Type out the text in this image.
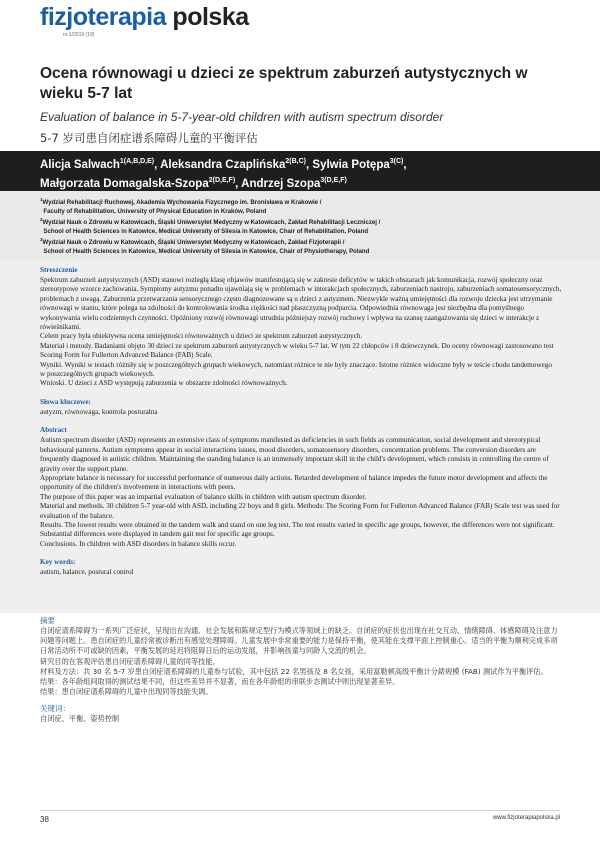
fizjoterapia polska
nr 1/2019 (19)
Ocena równowagi u dzieci ze spektrum zaburzeń autystycznych w wieku 5-7 lat
Evaluation of balance in 5-7-year-old children with autism spectrum disorder
5-7 岁司患自闭症谱系障碍儿童的平衡评估
Alicja Salwach$^{1(A,B,D,E)}$, Aleksandra Czaplińska$^{2(B,C)}$, Sylwia Potępa$^{3(C)}$,
Małgorzata Domagalska-Szopa$^{2(D,E,F)}$, Andrzej Szopa$^{3(D,E,F)}$

$^1$Wydział Rehabilitacji Ruchowej, Akademia Wychowania Fizycznego im. Bronisława w Krakowie /
Faculty of Rehabilitation, University of Physical Education in Kraków, Poland

$^2$Wydział Nauk o Zdrowiu w Katowicach, Śląski Uniwersytet Medyczny w Katowicach, Zakład Rehabilitacji Leczniczej /
School of Health Sciences in Katowice, Medical University of Silesia in Katowice, Chair of Rehabilitation, Poland

$^3$Wydział Nauk o Zdrowiu w Katowicach, Śląski Uniwersytet Medyczny w Katowicach, Zakład Fizjoterapii /
School of Health Sciences in Katowice, Medical University of Silesia in Katowice, Chair of Physiotherapy, Poland

Streszczenie

Spektrum zaburzeń autystycznych (ASD) stanowi rozległą klasę objawów manifestującą się w zakresie deficytów w takich obszarach jak komunikacja, rozwój społeczny oraz stereotypowe wzorce zachowania. Symptomy autyzmu ponadto ujawniają się w problemach w interakcjach społecznych, zaburzeniach nastroju, zaburzeniach somatosensorycznych, problemach z uwagą. Zaburzenia przetwarzania sensorycznego często diagnozowane są u dzieci z autyzmem. Niezwykle ważną umiejętności dla rozwoju dziecka jest utrzymanie równowagi w staniu, które polega na zdolności do kontrolowania środka ciężkości nad płaszczyzną podparcia. Odpowiednia równowaga jest niezbędna dla pomyślnego wykonywania wielu codziennych czynności. Opóźniony rozwój równowagi utrudnia późniejszy rozwój ruchowy i wpływa na szansę zaangażowania się dzieci w interakcje z rówieśnikami.

Celem pracy była obiektywna ocena umiejętności równoważnych u dzieci ze spektrum zaburzeń autystycznych.

Materiał i metody. Badaniami objęto 30 dzieci ze spektrum zaburzeń autystycznych w wieku 5-7 lat. W tym 22 chłopców i 8 dziewczynek. Do oceny równowagi zastosowano test Scoring Form for Fullerton Advanced Balance (FAB) Scale.

Wyniki. Wyniki w testach różniły się w poszczególnych grupach wiekowych, natomiast różnice te nie były znaczące. Istotne różnice widoczne były w teście chodu tandemowego

w poszczególnych grupach wiekowych.

Wnioski. U dzieci z ASD występują zaburzenia w obszarze zdolności równoważnych.

Słowa kluczowe:

autyzm, równowaga, kontrola posturalna

Abstract

Autism spectrum disorder (ASD) represents an extensive class of symptoms manifested as deficiencies in such fields as communication, social development and stereotypical behavioural patterns. Autism symptoms appear in social interactions issues, mood disorders, somatosensory disorders, concentration problems. The conversion disorders are frequently diagnosed in autistic children. Maintaining the standing balance is an immensely important skill in the child's development, which consists in controlling the centre of gravity over the support plane.

Appropriate balance is necessary for successful performance of numerous daily actions. Retarded development of balance impedes the future motor development and affects the opportunity of the children's involvement in interactions with peers.

The purpose of this paper was an impartial evaluation of balance skills in children with autism spectrum disorder.

Material and methods. 30 children 5-7 year-old with ASD, including 22 boys and 8 girls. Methods: The Scoring Form for Fullerton Advanced Balance (FAB) Scale test was used for evaluation of the balance.

Results. The lowest results were obtained in the tandem walk and stand on one leg test. The test results varied in specific age groups, however, the differences were not significant. Substantial differences were displayed in tandem gait test for specific age groups.

Conclusions. In children with ASD disorders in balance skills occur.

Key words:

autism, balance, postural control

摘要

自闭症谱系障碍为一系列广泛症状，呈现出在沟通、社会发展和陈规定型行为模式等领域上的缺乏。自闭症的症状也出现在社交互动、情绪障碍、体感障碍及注意力问题等问题上。患自闭症的儿童经常被诊断出有感觉处理障碍。儿童发展中非常重要的能力是保持平衡，使其能在支撑平面上控制重心。适当的平衡为顺利完成多项日常活动所不可或缺的因素，平衡发展的延迟将阻碍日后的运动发展，并影响孩童与同龄人交流的机会。

研究目的在客观评估患自闭症谱系障碍儿童的同等技能。

材料及方法：共 30 名 5-7 岁患自闭症谱系障碍的儿童参与试验，其中包括 22 名男孩及 8 名女孩，采用富勒顿高级平衡计分錶规模 (FAB) 测试作为平衡评估。

结果：各年龄组间取得的测试结果不同，但这些差异并不显著，而在各年龄组的串联步态测试中则出现显著差异。

结果：患自闭症谱系障碍的儿童中出现同等技能失调。

关键词：

自闭症、平衡、姿势控制

38	www.fizjoterapiapolska.pl
